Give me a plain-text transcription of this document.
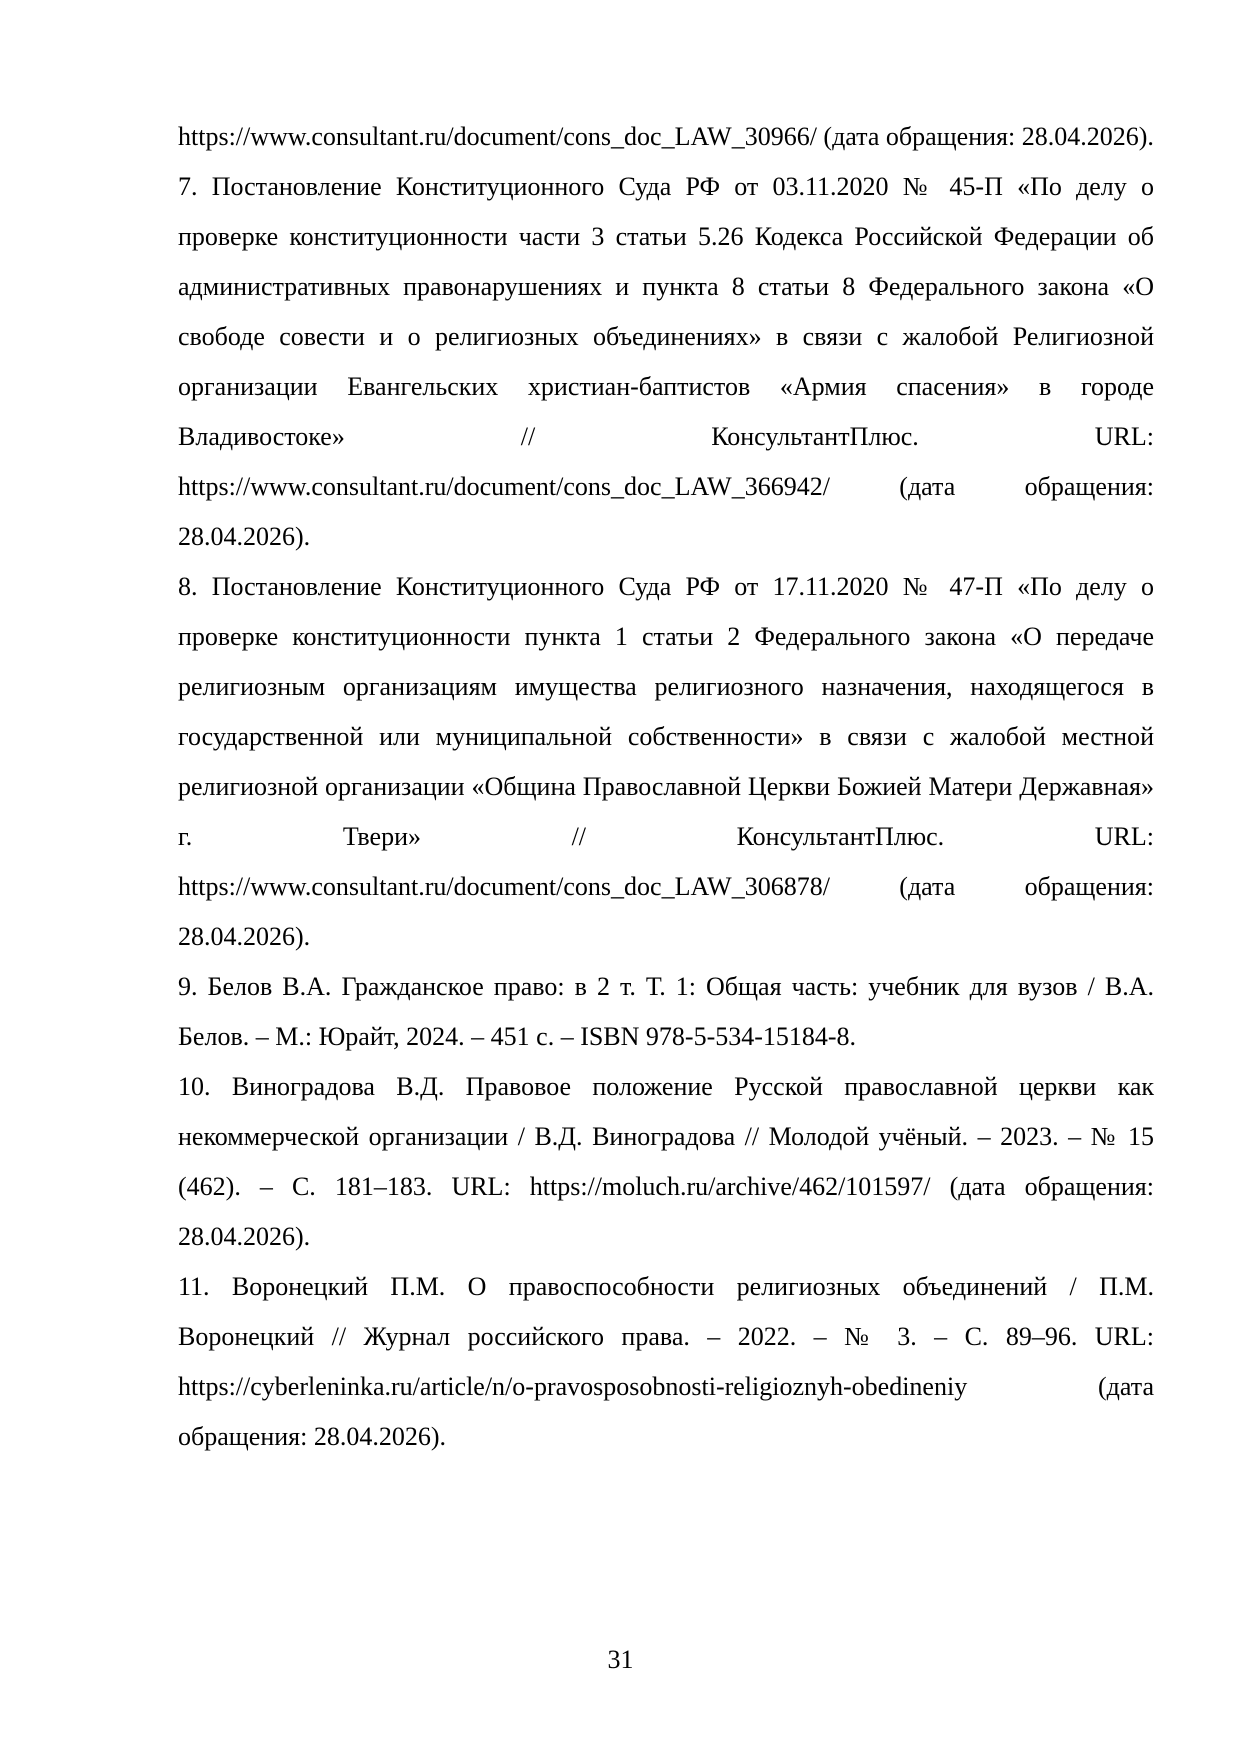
https://www.consultant.ru/document/cons_doc_LAW_30966/ (дата обращения: 28.04.2026).

7. Постановление Конституционного Суда РФ от 03.11.2020 № 45-П «По делу о проверке конституционности части 3 статьи 5.26 Кодекса Российской Федерации об административных правонарушениях и пункта 8 статьи 8 Федерального закона «О свободе совести и о религиозных объединениях» в связи с жалобой Религиозной организации Евангельских христиан-баптистов «Армия спасения» в городе Владивостоке» // КонсультантПлюс. URL: https://www.consultant.ru/document/cons_doc_LAW_366942/ (дата обращения: 28.04.2026).

8. Постановление Конституционного Суда РФ от 17.11.2020 № 47-П «По делу о проверке конституционности пункта 1 статьи 2 Федерального закона «О передаче религиозным организациям имущества религиозного назначения, находящегося в государственной или муниципальной собственности» в связи с жалобой местной религиозной организации «Община Православной Церкви Божией Матери Державная» г. Твери» // КонсультантПлюс. URL: https://www.consultant.ru/document/cons_doc_LAW_306878/ (дата обращения: 28.04.2026).

9. Белов В.А. Гражданское право: в 2 т. Т. 1: Общая часть: учебник для вузов / В.А. Белов. – М.: Юрайт, 2024. – 451 с. – ISBN 978-5-534-15184-8.

10. Виноградова В.Д. Правовое положение Русской православной церкви как некоммерческой организации / В.Д. Виноградова // Молодой учёный. – 2023. – № 15 (462). – С. 181–183. URL: https://moluch.ru/archive/462/101597/ (дата обращения: 28.04.2026).

11. Воронецкий П.М. О правоспособности религиозных объединений / П.М. Воронецкий // Журнал российского права. – 2022. – № 3. – С. 89–96. URL: https://cyberleninka.ru/article/n/o-pravosposobnosti-religioznyh-obedineniy (дата обращения: 28.04.2026).

31
